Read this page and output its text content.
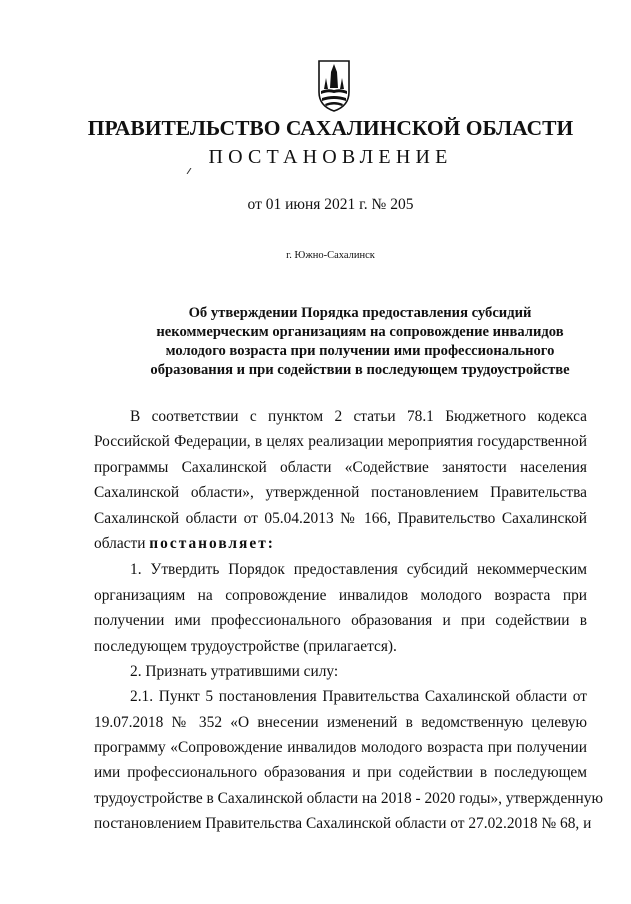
ПРАВИТЕЛЬСТВО САХАЛИНСКОЙ ОБЛАСТИ
ПОСТАНОВЛЕНИЕ
от 01 июня 2021 г. № 205
г. Южно-Сахалинск
Об утверждении Порядка предоставления субсидий
некоммерческим организациям на сопровождение инвалидов
молодого возраста при получении ими профессионального
образования и при содействии в последующем трудоустройстве
В соответствии с пунктом 2 статьи 78.1 Бюджетного кодекса
Российской Федерации, в целях реализации мероприятия государственной
программы Сахалинской области «Содействие занятости населения
Сахалинской области», утвержденной постановлением Правительства
Сахалинской области от 05.04.2013 № 166, Правительство Сахалинской
области постановляет:
1. Утвердить Порядок предоставления субсидий некоммерческим
организациям на сопровождение инвалидов молодого возраста при
получении ими профессионального образования и при содействии в
последующем трудоустройстве (прилагается).
2. Признать утратившими силу:
2.1. Пункт 5 постановления Правительства Сахалинской области от
19.07.2018 № 352 «О внесении изменений в ведомственную целевую
программу «Сопровождение инвалидов молодого возраста при получении
ими профессионального образования и при содействии в последующем
трудоустройстве в Сахалинской области на 2018 - 2020 годы», утвержденную
постановлением Правительства Сахалинской области от 27.02.2018 № 68, и
